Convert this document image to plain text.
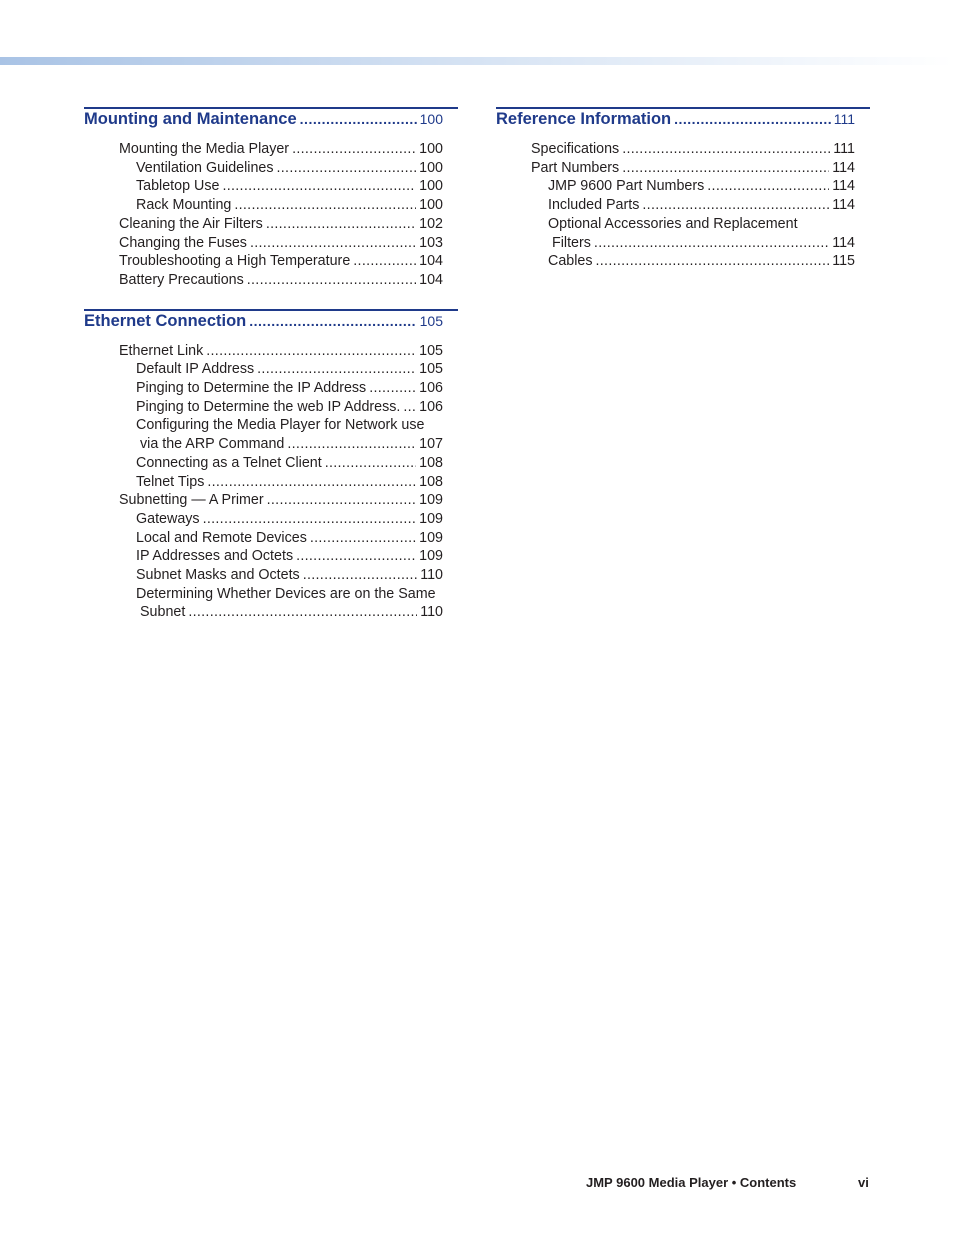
Mounting and Maintenance .....	100
Mounting the Media Player .....	100
Ventilation Guidelines .....	100
Tabletop Use .....	100
Rack Mounting .....	100
Cleaning the Air Filters .....	102
Changing the Fuses .....	103
Troubleshooting a High Temperature .....	104
Battery Precautions .....	104
Ethernet Connection .....	105
Ethernet Link .....	105
Default IP Address .....	105
Pinging to Determine the IP Address .....	106
Pinging to Determine the web IP Address. ..... 106
Configuring the Media Player for Network use
via the ARP Command .....	107
Connecting as a Telnet Client .....	108
Telnet Tips .....	108
Subnetting — A Primer .....	109
Gateways .....	109
Local and Remote Devices .....	109
IP Addresses and Octets .....	109
Subnet Masks and Octets .....	110
Determining Whether Devices are on the Same
Subnet .....	110
Reference Information .....	111
Specifications .....	111
Part Numbers .....	114
JMP 9600 Part Numbers .....	114
Included Parts .....	114
Optional Accessories and Replacement
Filters .....	114
Cables .....	115
JMP 9600 Media Player • Contents	vi
